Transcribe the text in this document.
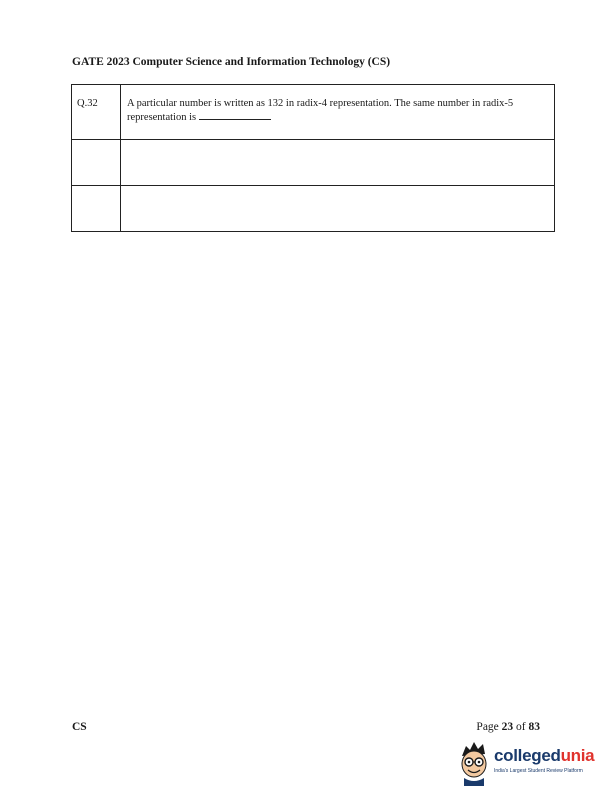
GATE 2023 Computer Science and Information Technology (CS)
Q.32	A particular number is written as 132 in radix-4 representation. The same number in radix-5 representation is

CS	Page 23 of 83
collegedunia
India's Largest Student Review Platform
